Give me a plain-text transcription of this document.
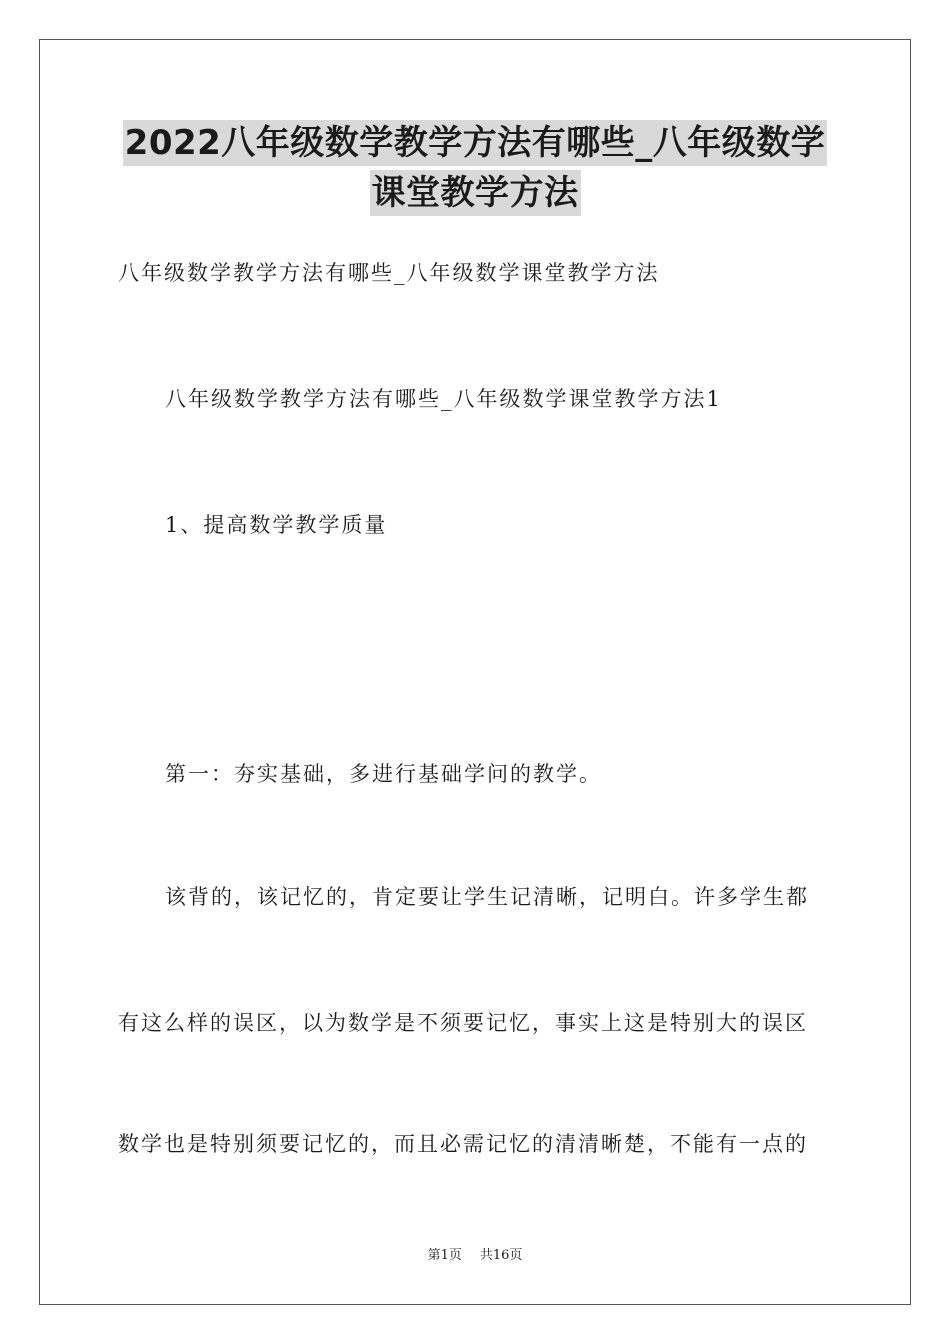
2022八年级数学教学方法有哪些_八年级数学
课堂教学方法
八年级数学教学方法有哪些_八年级数学课堂教学方法
八年级数学教学方法有哪些_八年级数学课堂教学方法1
1、提高数学教学质量
第一：夯实基础，多进行基础学问的教学。
该背的，该记忆的，肯定要让学生记清晰，记明白。许多学生都
有这么样的误区，以为数学是不须要记忆，事实上这是特别大的误区
数学也是特别须要记忆的，而且必需记忆的清清晰楚，不能有一点的
第1页 共16页
